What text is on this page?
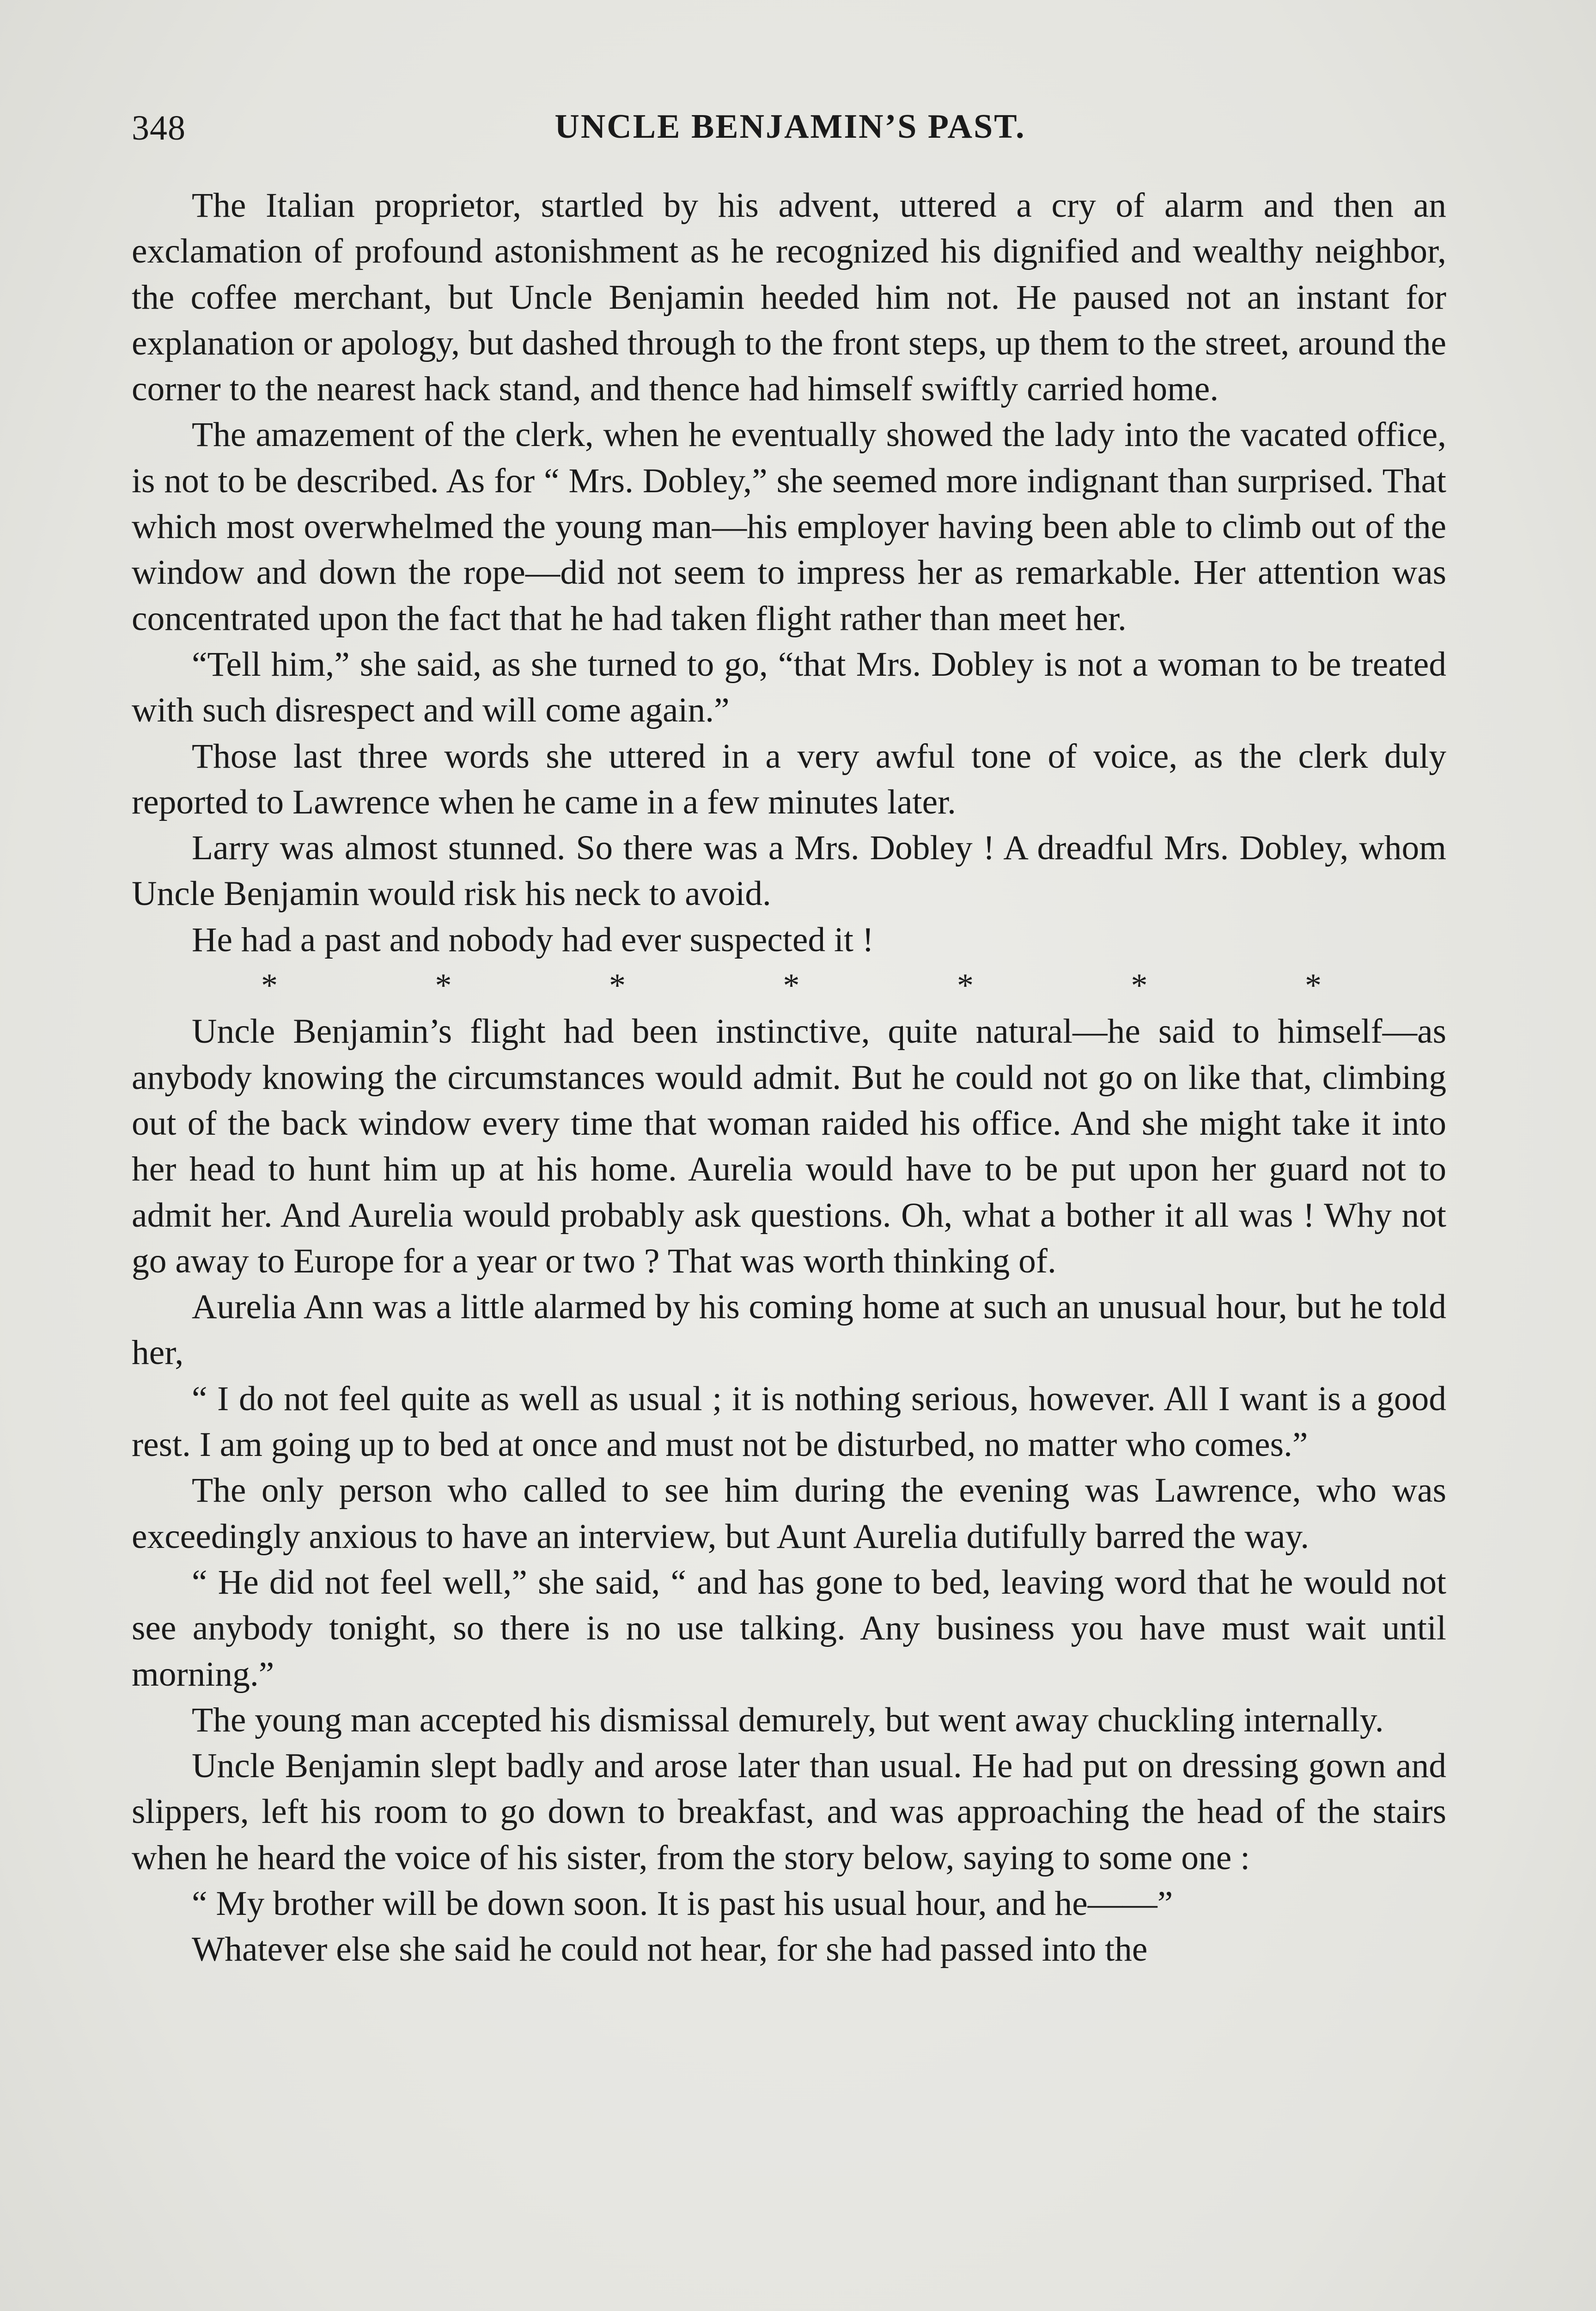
348	UNCLE BENJAMIN’S PAST.

The Italian proprietor, startled by his advent, uttered a cry of alarm and then an exclamation of profound astonishment as he recognized his dignified and wealthy neighbor, the coffee merchant, but Uncle Benjamin heeded him not. He paused not an instant for explanation or apology, but dashed through to the front steps, up them to the street, around the corner to the nearest hack stand, and thence had himself swiftly carried home.

The amazement of the clerk, when he eventually showed the lady into the vacated office, is not to be described. As for “ Mrs. Dobley,” she seemed more indignant than surprised. That which most overwhelmed the young man—his employer having been able to climb out of the window and down the rope—did not seem to impress her as remarkable. Her attention was concentrated upon the fact that he had taken flight rather than meet her.

“Tell him,” she said, as she turned to go, “that Mrs. Dobley is not a woman to be treated with such disrespect and will come again.”

Those last three words she uttered in a very awful tone of voice, as the clerk duly reported to Lawrence when he came in a few minutes later.

Larry was almost stunned. So there was a Mrs. Dobley ! A dreadful Mrs. Dobley, whom Uncle Benjamin would risk his neck to avoid.

He had a past and nobody had ever suspected it !

*	*	*	*	*	*	*

Uncle Benjamin’s flight had been instinctive, quite natural—he said to himself—as anybody knowing the circumstances would admit. But he could not go on like that, climbing out of the back window every time that woman raided his office. And she might take it into her head to hunt him up at his home. Aurelia would have to be put upon her guard not to admit her. And Aurelia would probably ask questions. Oh, what a bother it all was ! Why not go away to Europe for a year or two ? That was worth thinking of.

Aurelia Ann was a little alarmed by his coming home at such an unusual hour, but he told her,

“ I do not feel quite as well as usual ; it is nothing serious, however. All I want is a good rest. I am going up to bed at once and must not be disturbed, no matter who comes.”

The only person who called to see him during the evening was Lawrence, who was exceedingly anxious to have an interview, but Aunt Aurelia dutifully barred the way.

“ He did not feel well,” she said, “ and has gone to bed, leaving word that he would not see anybody tonight, so there is no use talking. Any business you have must wait until morning.”

The young man accepted his dismissal demurely, but went away chuckling internally.

Uncle Benjamin slept badly and arose later than usual. He had put on dressing gown and slippers, left his room to go down to breakfast, and was approaching the head of the stairs when he heard the voice of his sister, from the story below, saying to some one :

“ My brother will be down soon. It is past his usual hour, and he——”

Whatever else she said he could not hear, for she had passed into the
